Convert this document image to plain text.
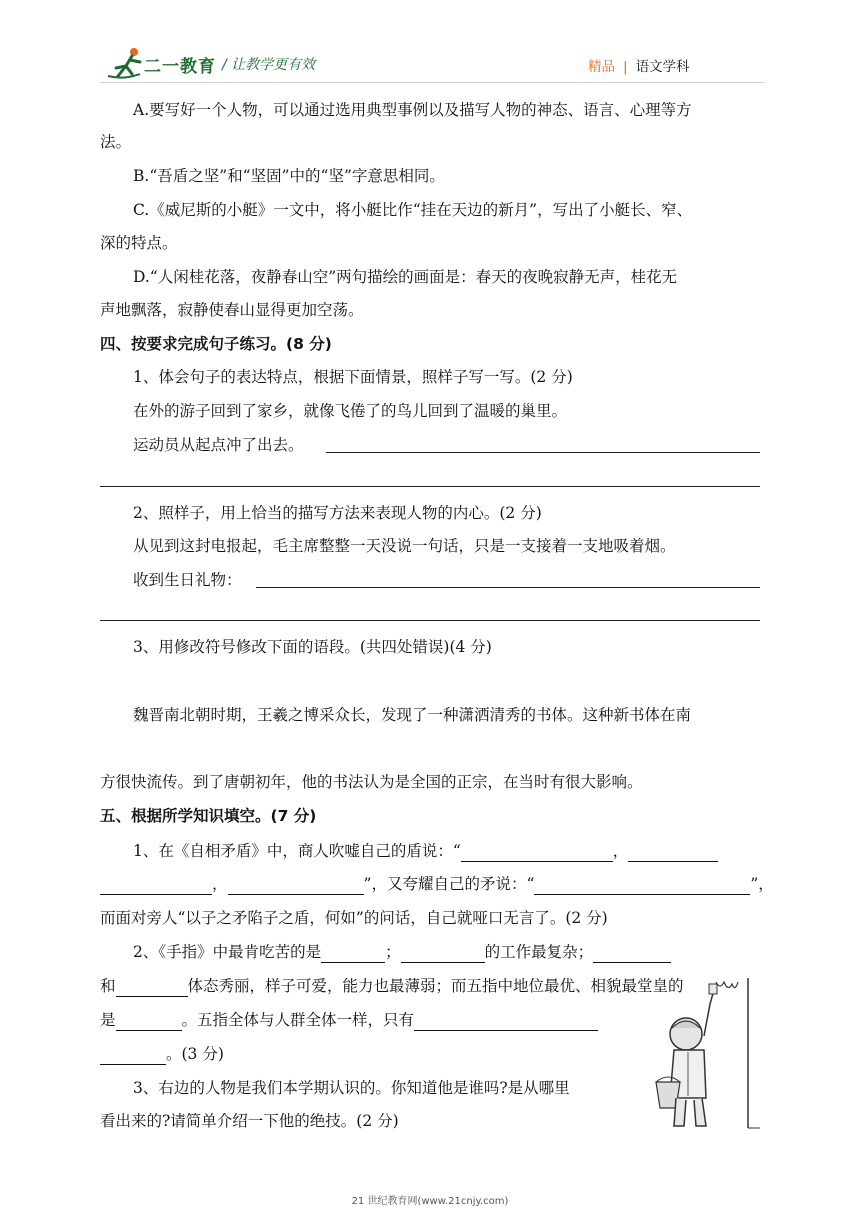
二一教育 / 让教学更有效	精品 | 语文学科
A.要写好一个人物，可以通过选用典型事例以及描写人物的神态、语言、心理等方
法。
B.“吾盾之坚”和“坚固”中的“坚”字意思相同。
C.《威尼斯的小艇》一文中，将小艇比作“挂在天边的新月”，写出了小艇长、窄、
深的特点。
D.“人闲桂花落，夜静春山空”两句描绘的画面是：春天的夜晚寂静无声，桂花无
声地飘落，寂静使春山显得更加空荡。
四、按要求完成句子练习。(8 分)
1、体会句子的表达特点，根据下面情景，照样子写一写。(2 分)
在外的游子回到了家乡，就像飞倦了的鸟儿回到了温暖的巢里。
运动员从起点冲了出去。
2、照样子，用上恰当的描写方法来表现人物的内心。(2 分)
从见到这封电报起，毛主席整整一天没说一句话，只是一支接着一支地吸着烟。
收到生日礼物：
3、用修改符号修改下面的语段。(共四处错误)(4 分)
魏晋南北朝时期，王羲之博采众长，发现了一种潇洒清秀的书体。这种新书体在南
方很快流传。到了唐朝初年，他的书法认为是全国的正宗，在当时有很大影响。
五、根据所学知识填空。(7 分)
1、在《自相矛盾》中，商人吹嘘自己的盾说：“	，
，	”，又夸耀自己的矛说：“	”，
而面对旁人“以子之矛陷子之盾，何如”的问话，自己就哑口无言了。(2 分)
2、《手指》中最肯吃苦的是	；	的工作最复杂；
和	体态秀丽，样子可爱，能力也最薄弱；而五指中地位最优、相貌最堂皇的
是	。五指全体与人群全体一样，只有
。(3 分)
3、右边的人物是我们本学期认识的。你知道他是谁吗?是从哪里
看出来的?请简单介绍一下他的绝技。(2 分)
21 世纪教育网(www.21cnjy.com)
